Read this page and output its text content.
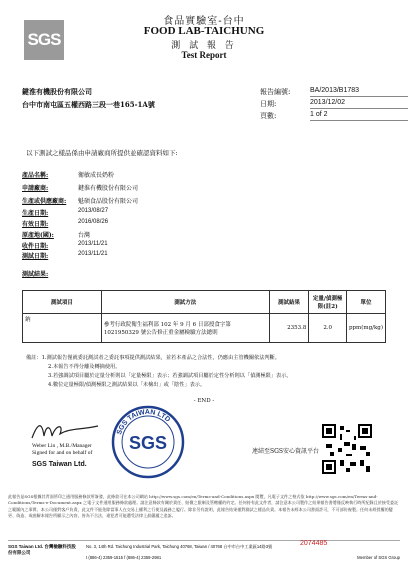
SGS
食品實驗室-台中
FOOD LAB-TAICHUNG
測 試 報 告
Test Report
鍵淮有機股份有限公司
台中市南屯區五權西路三段一巷165-1A號
報告編號:	BA/2013/B1783
日期:	2013/12/02
頁數:	1 of 2
以下測試之樣品係由申請廠商所提供並確認資料如下:
產品名稱:	衛敏成長奶粉
申請廠商:	鍵淮有機股份有限公司
生產或供應廠商:	魁碩食品股份有限公司
生產日期:	2013/08/27
有效日期:	2016/08/26
原產地(國):	台灣
收件日期:	2013/11/21
測試日期:	2013/11/21
測試結果:
測試項目	測試方法	測試結果	定量/偵測極限(註2)	單位
鈉	參考行政院衛生福利部 102 年 9 月 6 日部授食字第 1021950329 號公告修正重金屬檢驗方法總則	2353.8	2.0	ppm(mg/kg)
備註：1.測試報告僅就委託測試者之委託事項提供測試結果，並若本產品之合法性，仍應由主管機關依法判斷。
2.本報告不得分離及轉摘使用。
3.若強調試項目屬於定量分析則以「定量極限」表示；若強調試項目屬於定性分析則以「偵測極限」表示。
4.數位定量極限/偵測極限之測試結果以「未檢出」或「陰性」表示。
- END -
Weber Lin , M.B./Manager
Signed for and on behalf of
SGS Taiwan Ltd.
SGS TAIWAN LTD
SGS	連結至SGS安心資訊平台
此報告是SGS根據其背面所印之通用服務條款所簽發，此條款可在本公司網站 http://www.sgs.com/en/Terms-and-Conditions.aspx 閱覽，凡電子文件之格式依 http://www.sgs.com/en/Terms-and-Conditions/Terms-e-Document.aspx 之電子文件通用服務條款處理。請注意條款有關於責任、賠償之限制及管轄權的約定。任何持有此文件者，請注意本公司製作之結果報告書將僅反映執行時所紀錄且於接受委託之範圍內之事實。本公司僅對客戶負責，此文件不能免除當事人在交易上權利之行使及義務之履行。除非另有說明，此報告結果僅對測試之樣品負責。本報告未經本公司書面許可，不可部份複製。任何未經授權的變更、偽造、或曲解本報告所顯示之內容，皆為不合法，違犯者可能遭受法律上最嚴厲之追訴。
SGS Taiwan Ltd. 台灣檢驗科技股份有限公司
No. 3, 14th Rd. Taichung Industrial Park, Taichung 40768, Taiwan / 40768 台中市台中工業區14路3號
t (886-4) 2359-1515 f (886-4) 2359-2981	Member of SGS Group
2074485
